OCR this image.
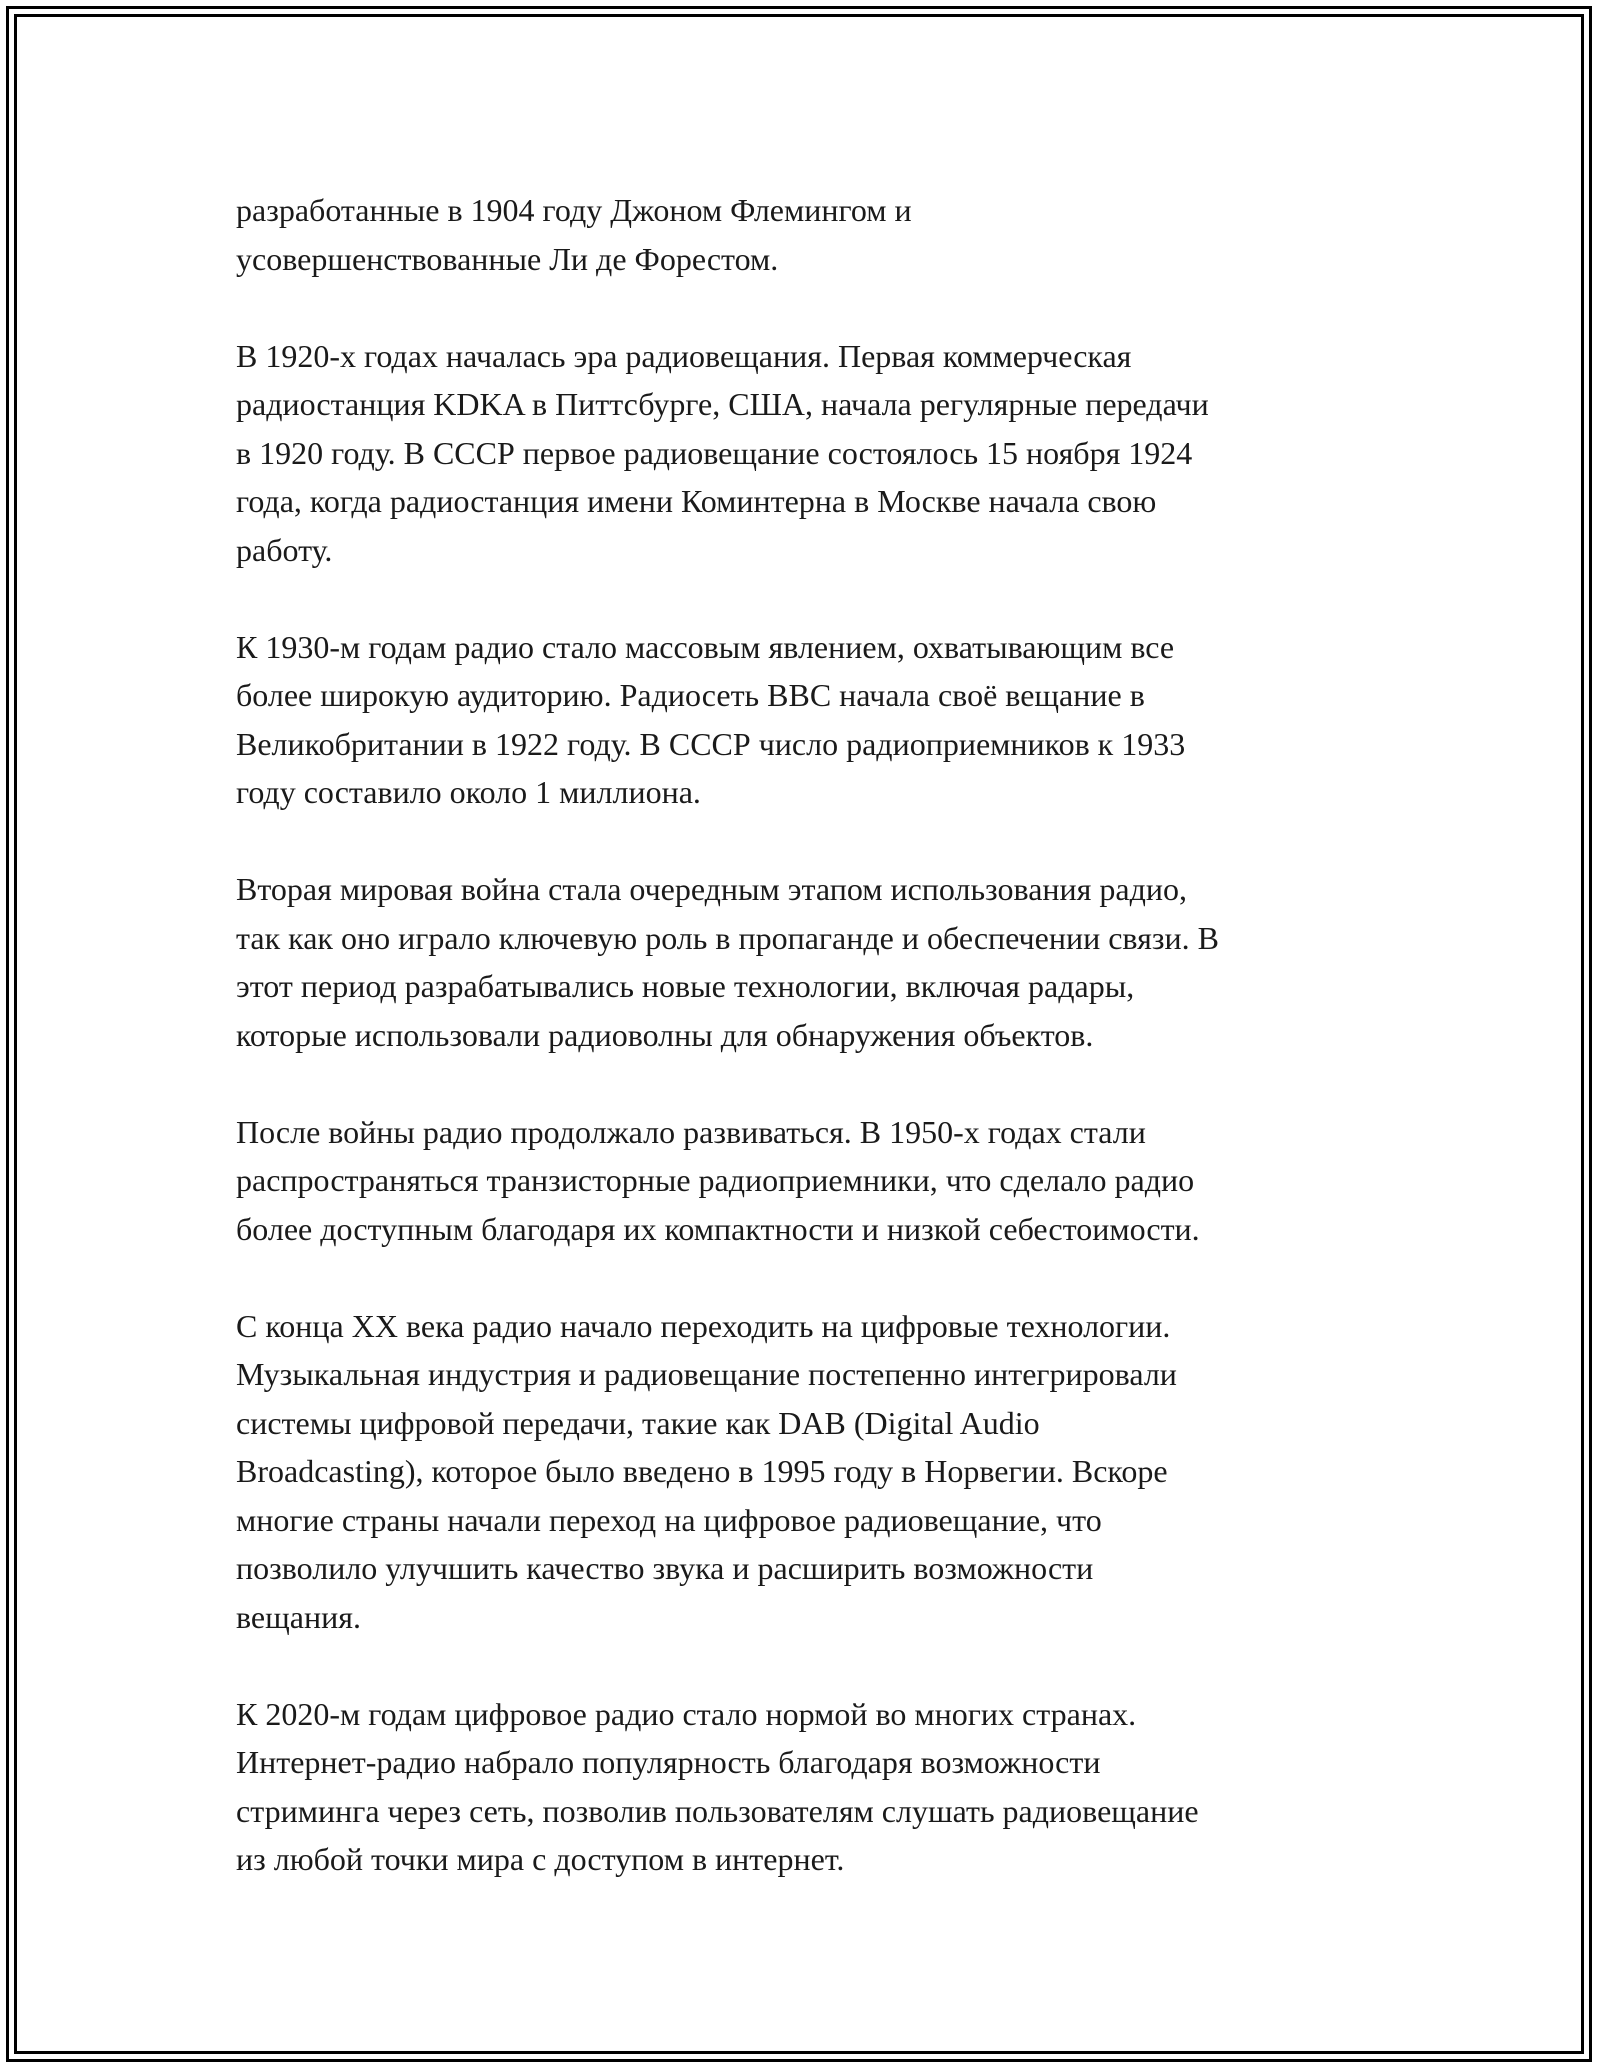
разработанные в 1904 году Джоном Флемингом и
усовершенствованные Ли де Форестом.

В 1920-х годах началась эра радиовещания. Первая коммерческая
радиостанция KDKA в Питтсбурге, США, начала регулярные передачи
в 1920 году. В СССР первое радиовещание состоялось 15 ноября 1924
года, когда радиостанция имени Коминтерна в Москве начала свою
работу.

К 1930-м годам радио стало массовым явлением, охватывающим все
более широкую аудиторию. Радиосеть BBC начала своё вещание в
Великобритании в 1922 году. В СССР число радиоприемников к 1933
году составило около 1 миллиона.

Вторая мировая война стала очередным этапом использования радио,
так как оно играло ключевую роль в пропаганде и обеспечении связи. В
этот период разрабатывались новые технологии, включая радары,
которые использовали радиоволны для обнаружения объектов.

После войны радио продолжало развиваться. В 1950-х годах стали
распространяться транзисторные радиоприемники, что сделало радио
более доступным благодаря их компактности и низкой себестоимости.

С конца XX века радио начало переходить на цифровые технологии.
Музыкальная индустрия и радиовещание постепенно интегрировали
системы цифровой передачи, такие как DAB (Digital Audio
Broadcasting), которое было введено в 1995 году в Норвегии. Вскоре
многие страны начали переход на цифровое радиовещание, что
позволило улучшить качество звука и расширить возможности
вещания.

К 2020-м годам цифровое радио стало нормой во многих странах.
Интернет-радио набрало популярность благодаря возможности
стриминга через сеть, позволив пользователям слушать радиовещание
из любой точки мира с доступом в интернет.
